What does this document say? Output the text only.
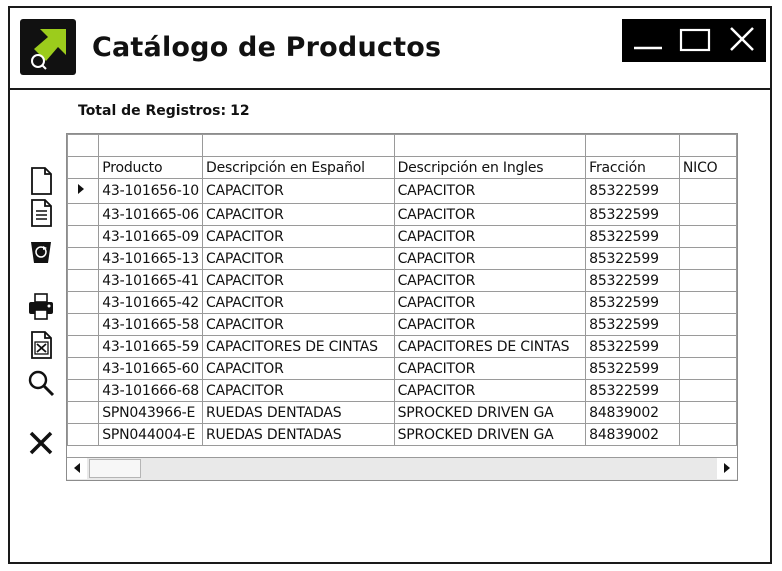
Catálogo de Productos
Total de Registros: 12

	Producto	Descripción en Español	Descripción en Ingles	Fracción	NICO
	43-101656-10	CAPACITOR	CAPACITOR	85322599	
	43-101665-06	CAPACITOR	CAPACITOR	85322599	
	43-101665-09	CAPACITOR	CAPACITOR	85322599	
	43-101665-13	CAPACITOR	CAPACITOR	85322599	
	43-101665-41	CAPACITOR	CAPACITOR	85322599	
	43-101665-42	CAPACITOR	CAPACITOR	85322599	
	43-101665-58	CAPACITOR	CAPACITOR	85322599	
	43-101665-59	CAPACITORES DE CINTAS	CAPACITORES DE CINTAS	85322599	
	43-101665-60	CAPACITOR	CAPACITOR	85322599	
	43-101666-68	CAPACITOR	CAPACITOR	85322599	
	SPN043966-E	RUEDAS DENTADAS	SPROCKED DRIVEN GA	84839002	
	SPN044004-E	RUEDAS DENTADAS	SPROCKED DRIVEN GA	84839002	
